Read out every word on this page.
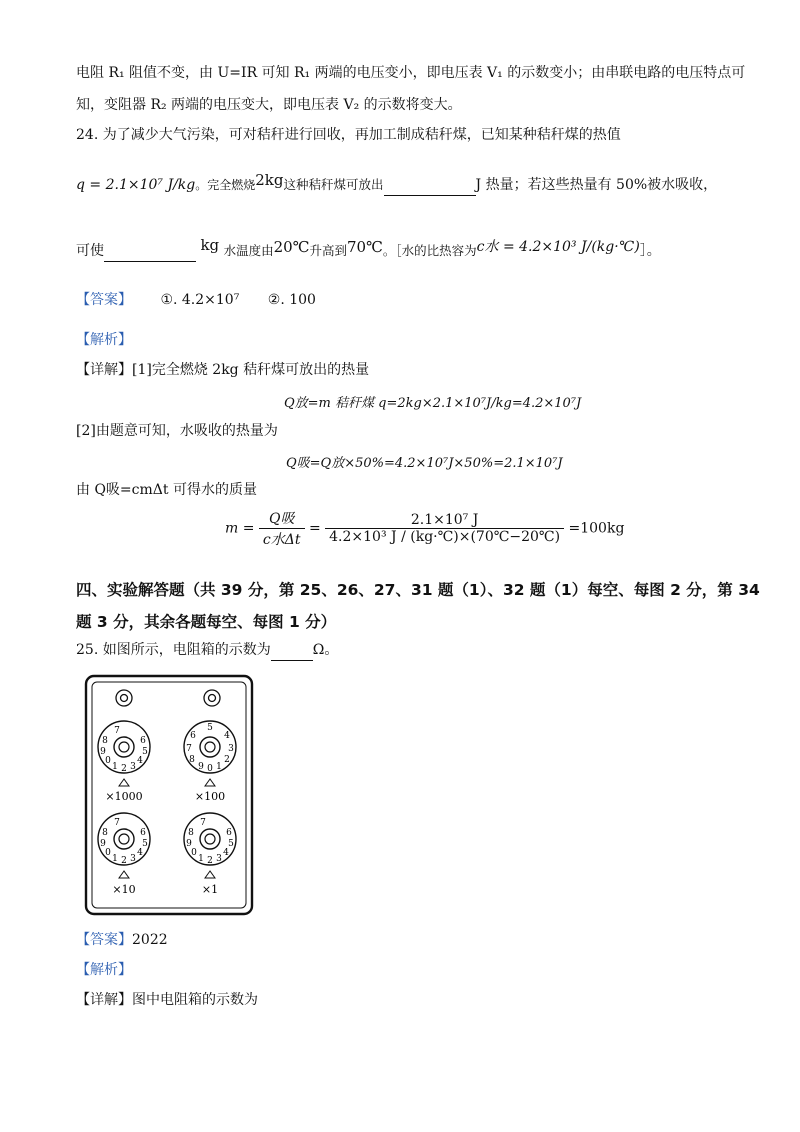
电阻 R₁ 阻值不变，由 U=IR 可知 R₁ 两端的电压变小，即电压表 V₁ 的示数变小；由串联电路的电压特点可
知，变阻器 R₂ 两端的电压变大，即电压表 V₂ 的示数将变大。
24. 为了减少大气污染，可对秸秆进行回收，再加工制成秸秆煤，已知某种秸秆煤的热值
q = 2.1×10⁷ J/kg。完全燃烧2kg这种秸秆煤可放出	J 热量；若这些热量有 50%被水吸收，
可使	kg 水温度由20℃升高到70℃。［水的比热容为c水 = 4.2×10³ J/(kg·℃)］。
【答案】 ①. 4.2×10⁷ ②. 100
【解析】
【详解】[1]完全燃烧 2kg 秸秆煤可放出的热量
Q放=m 秸秆煤 q=2kg×2.1×10⁷J/kg=4.2×10⁷J
[2]由题意可知，水吸收的热量为
Q吸=Q放×50%=4.2×10⁷J×50%=2.1×10⁷J
由 Q吸=cmΔt 可得水的质量
$m = \frac{\text{Q吸}}{\text{c水Δt}} = \frac{\text{2.1×10⁷ J}}{\text{4.2×10³ J / (kg·℃)×(70℃−20℃)}} =100kg$
四、实验解答题（共 39 分，第 25、26、27、31 题（1）、32 题（1）每空、每图 2 分，第 34
题 3 分，其余各题每空、每图 1 分）
25. 如图所示，电阻箱的示数为	Ω。
2
1 3
0	4
9	5
8	6
7
×1000
0
9 1
8	2
7	3
6	4
5
×100
2
1 3
0	4
9	5
8	6
7
×10
2
1 3
0	4
9	5
8	6
7
×1
【答案】2022
【解析】
【详解】图中电阻箱的示数为
